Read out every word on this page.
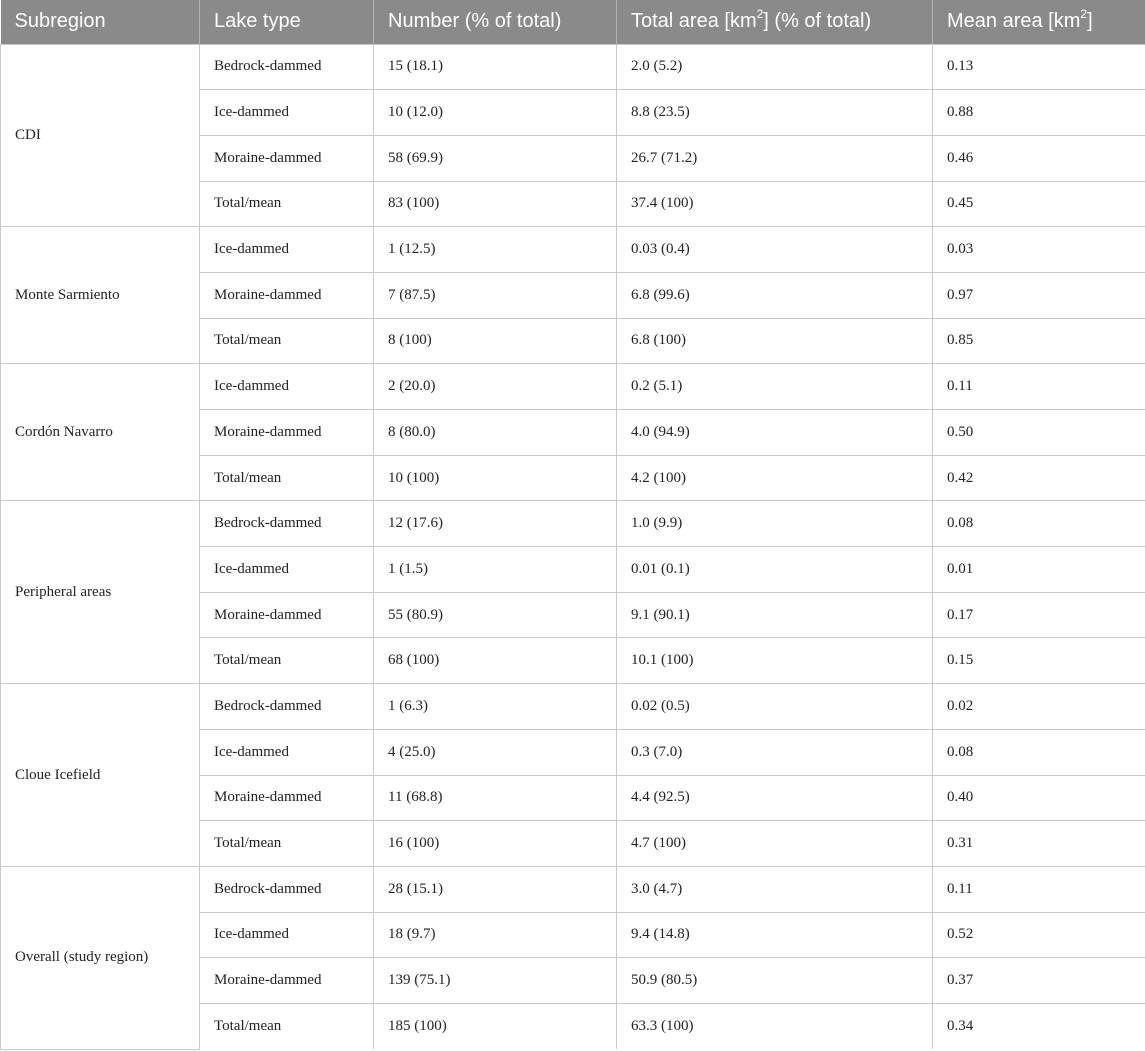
Subregion	Lake type	Number (% of total)	Total area $[km^2]$ (% of total)	Mean area $[km^2]$
CDI	Bedrock-dammed	15 (18.1)	2.0 (5.2)	0.13
	Ice-dammed	10 (12.0)	8.8 (23.5)	0.88
	Moraine-dammed	58 (69.9)	26.7 (71.2)	0.46
	Total/mean	83 (100)	37.4 (100)	0.45
Monte Sarmiento	Ice-dammed	1 (12.5)	0.03 (0.4)	0.03
	Moraine-dammed	7 (87.5)	6.8 (99.6)	0.97
	Total/mean	8 (100)	6.8 (100)	0.85
Cordón Navarro	Ice-dammed	2 (20.0)	0.2 (5.1)	0.11
	Moraine-dammed	8 (80.0)	4.0 (94.9)	0.50
	Total/mean	10 (100)	4.2 (100)	0.42
Peripheral areas	Bedrock-dammed	12 (17.6)	1.0 (9.9)	0.08
	Ice-dammed	1 (1.5)	0.01 (0.1)	0.01
	Moraine-dammed	55 (80.9)	9.1 (90.1)	0.17
	Total/mean	68 (100)	10.1 (100)	0.15
Cloue Icefield	Bedrock-dammed	1 (6.3)	0.02 (0.5)	0.02
	Ice-dammed	4 (25.0)	0.3 (7.0)	0.08
	Moraine-dammed	11 (68.8)	4.4 (92.5)	0.40
	Total/mean	16 (100)	4.7 (100)	0.31
Overall (study region)	Bedrock-dammed	28 (15.1)	3.0 (4.7)	0.11
	Ice-dammed	18 (9.7)	9.4 (14.8)	0.52
	Moraine-dammed	139 (75.1)	50.9 (80.5)	0.37
	Total/mean	185 (100)	63.3 (100)	0.34
